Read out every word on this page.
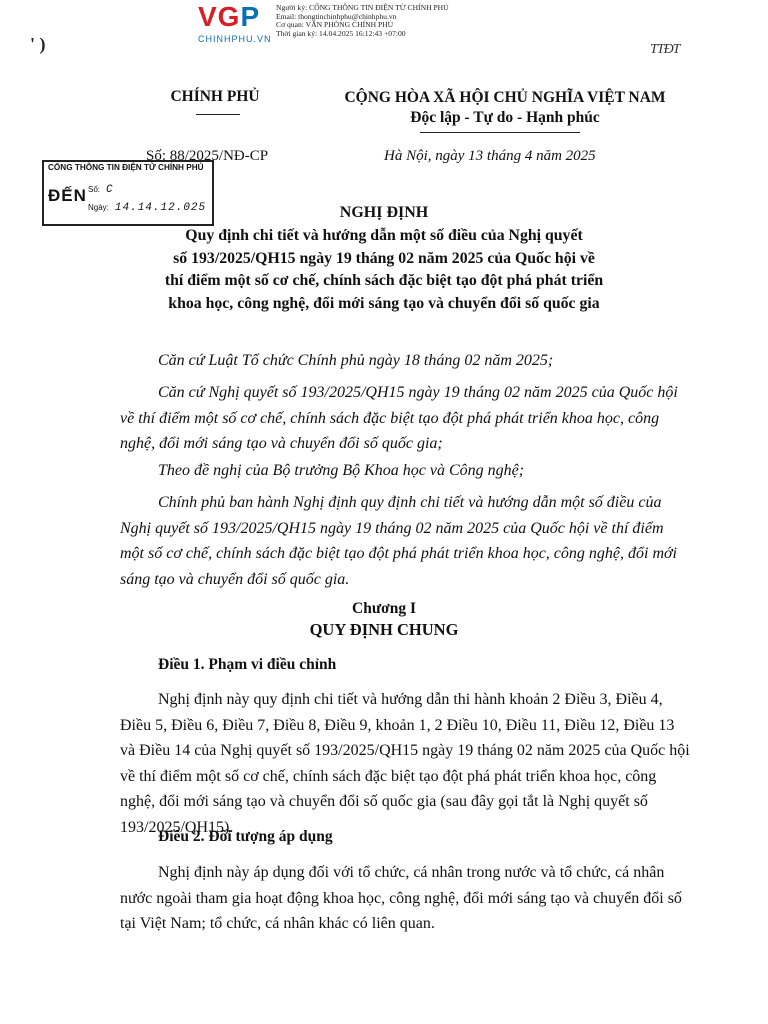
VGP
CHINHPHU.VN
Người ký: CỔNG THÔNG TIN ĐIỆN TỬ CHÍNH PHỦ
Email: thongtinchinhphu@chinhphu.vn
Cơ quan: VĂN PHÒNG CHÍNH PHỦ
Thời gian ký: 14.04.2025 16:12:43 +07:00
' )	TTĐT
CHÍNH PHỦ	CỘNG HÒA XÃ HỘI CHỦ NGHĨA VIỆT NAM
Độc lập - Tự do - Hạnh phúc
Số: 88/2025/NĐ-CP	Hà Nội, ngày 13 tháng 4 năm 2025
CỔNG THÔNG TIN ĐIỆN TỬ CHÍNH PHỦ
ĐẾN Số: C
Ngày: 14.14.12.025	NGHỊ ĐỊNH
Quy định chi tiết và hướng dẫn một số điều của Nghị quyết
số 193/2025/QH15 ngày 19 tháng 02 năm 2025 của Quốc hội về
thí điểm một số cơ chế, chính sách đặc biệt tạo đột phá phát triển
khoa học, công nghệ, đổi mới sáng tạo và chuyển đổi số quốc gia
Căn cứ Luật Tổ chức Chính phủ ngày 18 tháng 02 năm 2025;
Căn cứ Nghị quyết số 193/2025/QH15 ngày 19 tháng 02 năm 2025 của Quốc hội về thí điểm một số cơ chế, chính sách đặc biệt tạo đột phá phát triển khoa học, công nghệ, đổi mới sáng tạo và chuyển đổi số quốc gia;
Theo đề nghị của Bộ trưởng Bộ Khoa học và Công nghệ;
Chính phủ ban hành Nghị định quy định chi tiết và hướng dẫn một số điều của Nghị quyết số 193/2025/QH15 ngày 19 tháng 02 năm 2025 của Quốc hội về thí điểm một số cơ chế, chính sách đặc biệt tạo đột phá phát triển khoa học, công nghệ, đổi mới sáng tạo và chuyển đổi số quốc gia.
Chương I
QUY ĐỊNH CHUNG
Điều 1. Phạm vi điều chỉnh
Nghị định này quy định chi tiết và hướng dẫn thi hành khoản 2 Điều 3, Điều 4, Điều 5, Điều 6, Điều 7, Điều 8, Điều 9, khoản 1, 2 Điều 10, Điều 11, Điều 12, Điều 13 và Điều 14 của Nghị quyết số 193/2025/QH15 ngày 19 tháng 02 năm 2025 của Quốc hội về thí điểm một số cơ chế, chính sách đặc biệt tạo đột phá phát triển khoa học, công nghệ, đổi mới sáng tạo và chuyển đổi số quốc gia (sau đây gọi tắt là Nghị quyết số 193/2025/QH15).
Điều 2. Đối tượng áp dụng
Nghị định này áp dụng đối với tổ chức, cá nhân trong nước và tổ chức, cá nhân nước ngoài tham gia hoạt động khoa học, công nghệ, đổi mới sáng tạo và chuyển đổi số tại Việt Nam; tổ chức, cá nhân khác có liên quan.
